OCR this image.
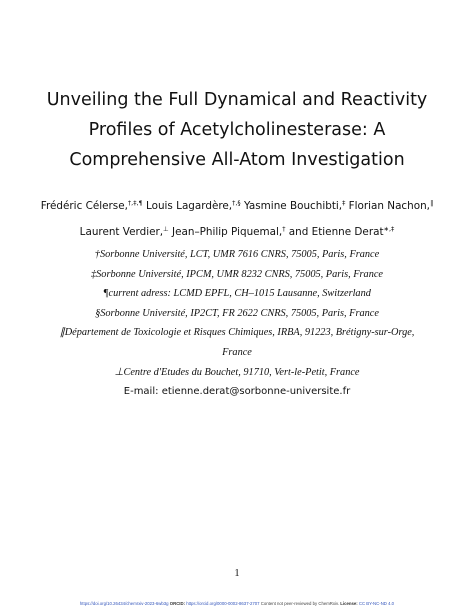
Unveiling the Full Dynamical and Reactivity
Profiles of Acetylcholinesterase: A
Comprehensive All-Atom Investigation
Frédéric Célerse,†,‡,¶ Louis Lagardère,†,§ Yasmine Bouchibti,‡ Florian Nachon,∥
Laurent Verdier,⊥ Jean–Philip Piquemal,† and Etienne Derat∗,‡
†Sorbonne Université, LCT, UMR 7616 CNRS, 75005, Paris, France
‡Sorbonne Université, IPCM, UMR 8232 CNRS, 75005, Paris, France
¶current adress: LCMD EPFL, CH–1015 Lausanne, Switzerland
§Sorbonne Université, IP2CT, FR 2622 CNRS, 75005, Paris, France
∥Département de Toxicologie et Risques Chimiques, IRBA, 91223, Brétigny-sur-Orge,
France
⊥Centre d'Etudes du Bouchet, 91710, Vert-le-Petit, France
E-mail: etienne.derat@sorbonne-universite.fr
1
https://doi.org/10.26434/chemrxiv-2023-6wb3g ORCID: https://orcid.org/0000-0002-8637-2707 Content not peer-reviewed by ChemRxiv. License: CC BY-NC-ND 4.0
